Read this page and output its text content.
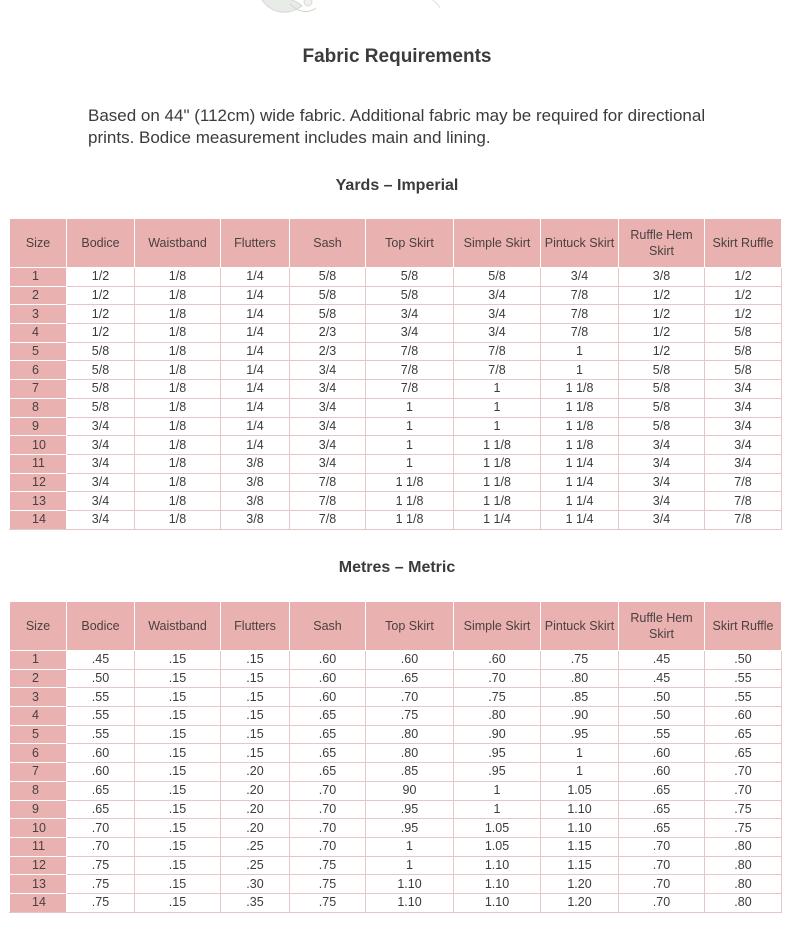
Fabric Requirements
Based on 44" (112cm) wide fabric. Additional fabric may be required for directional prints. Bodice measurement includes main and lining.
Yards – Imperial
Size	Bodice	Waistband	Flutters	Sash	Top Skirt	Simple Skirt	Pintuck Skirt	Ruffle Hem Skirt	Skirt Ruffle
1	1/2	1/8	1/4	5/8	5/8	5/8	3/4	3/8	1/2
2	1/2	1/8	1/4	5/8	5/8	3/4	7/8	1/2	1/2
3	1/2	1/8	1/4	5/8	3/4	3/4	7/8	1/2	1/2
4	1/2	1/8	1/4	2/3	3/4	3/4	7/8	1/2	5/8
5	5/8	1/8	1/4	2/3	7/8	7/8	1	1/2	5/8
6	5/8	1/8	1/4	3/4	7/8	7/8	1	5/8	5/8
7	5/8	1/8	1/4	3/4	7/8	1	1 1/8	5/8	3/4
8	5/8	1/8	1/4	3/4	1	1	1 1/8	5/8	3/4
9	3/4	1/8	1/4	3/4	1	1	1 1/8	5/8	3/4
10	3/4	1/8	1/4	3/4	1	1 1/8	1 1/8	3/4	3/4
11	3/4	1/8	3/8	3/4	1	1 1/8	1 1/4	3/4	3/4
12	3/4	1/8	3/8	7/8	1 1/8	1 1/8	1 1/4	3/4	7/8
13	3/4	1/8	3/8	7/8	1 1/8	1 1/8	1 1/4	3/4	7/8
14	3/4	1/8	3/8	7/8	1 1/8	1 1/4	1 1/4	3/4	7/8
Metres – Metric
Size	Bodice	Waistband	Flutters	Sash	Top Skirt	Simple Skirt	Pintuck Skirt	Ruffle Hem Skirt	Skirt Ruffle
1	.45	.15	.15	.60	.60	.60	.75	.45	.50
2	.50	.15	.15	.60	.65	.70	.80	.45	.55
3	.55	.15	.15	.60	.70	.75	.85	.50	.55
4	.55	.15	.15	.65	.75	.80	.90	.50	.60
5	.55	.15	.15	.65	.80	.90	.95	.55	.65
6	.60	.15	.15	.65	.80	.95	1	.60	.65
7	.60	.15	.20	.65	.85	.95	1	.60	.70
8	.65	.15	.20	.70	90	1	1.05	.65	.70
9	.65	.15	.20	.70	.95	1	1.10	.65	.75
10	.70	.15	.20	.70	.95	1.05	1.10	.65	.75
11	.70	.15	.25	.70	1	1.05	1.15	.70	.80
12	.75	.15	.25	.75	1	1.10	1.15	.70	.80
13	.75	.15	.30	.75	1.10	1.10	1.20	.70	.80
14	.75	.15	.35	.75	1.10	1.10	1.20	.70	.80
